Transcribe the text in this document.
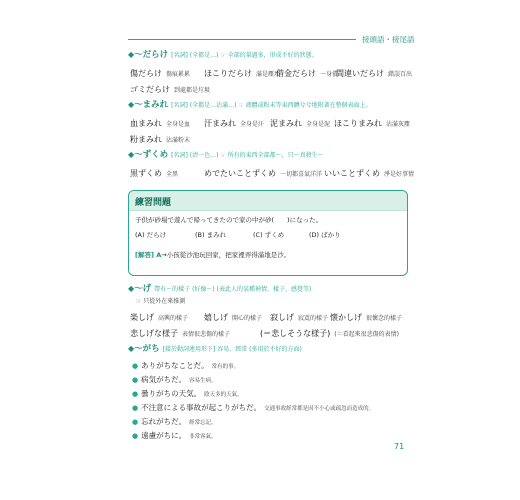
接頭語・接尾語
◆〜だらけ [名詞] (全都是…) ☞ 全部的量過多，形成不好的狀態。
傷だらけ 傷痕累累 ほこりだらけ 滿是塵埃
借金だらけ 一身債
間違いだらけ 錯誤百出
ゴミだらけ 到處都是垃圾
◆〜まみれ [名詞] (全都是…沾滿…) ☞ 液體或粉末等東西髒兮兮地附著在整個表面上。
血まみれ 全身是血 汗まみれ 全身是汗 泥まみれ 全身是泥 ほこりまみれ 沾滿灰塵
粉まみれ 沾滿粉末
◆〜ずくめ [名詞] (清一色…) ☞ 所有的東西全部都〜，只〜真發生〜
黒ずくめ 全黑	めでたいことずくめ 一切都喜氣洋洋 いいことずくめ 淨是好事情
練習問題
子供が砂場で遊んで帰ってきたので家の中が砂(　　)になった。
(A) だらけ	(B) まみれ	(C) ずくめ	(D) ばかり
[解答] A→小孩從沙池玩回家，把家裡弄得滿地是沙。
◆〜げ 帶有〜的樣子 (好像〜) (表此人的某種神情、樣子、感覺等)
☞ 只從外在來推測
楽しげ 高興的樣子 嬉しげ 開心的樣子 寂しげ 寂寞的樣子 懐かしげ 很懷念的樣子
悲しげな様子 表情很悲傷的樣子	(＝悲しそうな様子) (＝看起來很悲傷的表情)
◆〜がち [接於動詞連用形下] 容易、經常 (多用於不好的方面)
● ありがちなことだ。 常有的事。
● 病気がちだ。 容易生病。
● 曇りがちの天気。 陰天多的天氣。
● 不注意による事故が起こりがちだ。 交通事故經常都是因不小心或疏忽而造成的。
● 忘れがちだ。 經常忘記。
● 遠慮がちに。 非常客氣。
71
